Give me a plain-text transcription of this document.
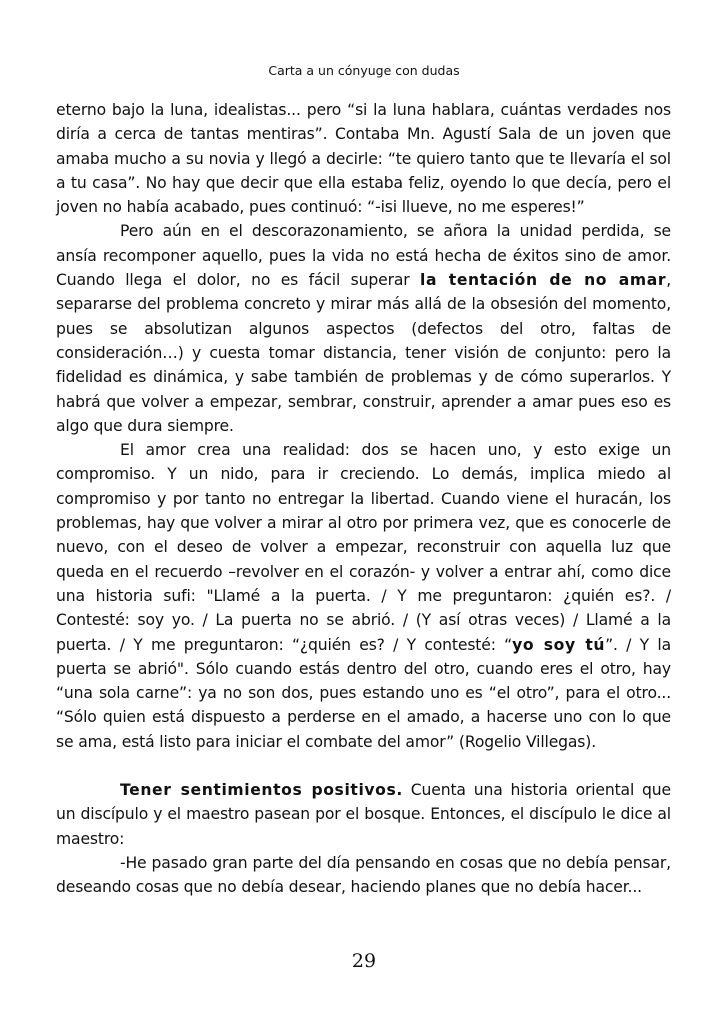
Carta a un cónyuge con dudas

eterno bajo la luna, idealistas... pero “si la luna hablara, cuántas verdades nos diría a cerca de tantas mentiras”. Contaba Mn. Agustí Sala de un joven que amaba mucho a su novia y llegó a decirle: “te quiero tanto que te llevaría el sol a tu casa”. No hay que decir que ella estaba feliz, oyendo lo que decía, pero el joven no había acabado, pues continuó: “-isi llueve, no me esperes!”

Pero aún en el descorazonamiento, se añora la unidad perdida, se ansía recomponer aquello, pues la vida no está hecha de éxitos sino de amor. Cuando llega el dolor, no es fácil superar la tentación de no amar, separarse del problema concreto y mirar más allá de la obsesión del momento, pues se absolutizan algunos aspectos (defectos del otro, faltas de consideración…) y cuesta tomar distancia, tener visión de conjunto: pero la fidelidad es dinámica, y sabe también de problemas y de cómo superarlos. Y habrá que volver a empezar, sembrar, construir, aprender a amar pues eso es algo que dura siempre.

El amor crea una realidad: dos se hacen uno, y esto exige un compromiso. Y un nido, para ir creciendo. Lo demás, implica miedo al compromiso y por tanto no entregar la libertad. Cuando viene el huracán, los problemas, hay que volver a mirar al otro por primera vez, que es conocerle de nuevo, con el deseo de volver a empezar, reconstruir con aquella luz que queda en el recuerdo –revolver en el corazón- y volver a entrar ahí, como dice una historia sufi: "Llamé a la puerta. / Y me preguntaron: ¿quién es?. / Contesté: soy yo. / La puerta no se abrió. / (Y así otras veces) / Llamé a la puerta. / Y me preguntaron: “¿quién es? / Y contesté: “yo soy tú”. / Y la puerta se abrió". Sólo cuando estás dentro del otro, cuando eres el otro, hay “una sola carne”: ya no son dos, pues estando uno es “el otro”, para el otro... “Sólo quien está dispuesto a perderse en el amado, a hacerse uno con lo que se ama, está listo para iniciar el combate del amor” (Rogelio Villegas).

Tener sentimientos positivos. Cuenta una historia oriental que un discípulo y el maestro pasean por el bosque. Entonces, el discípulo le dice al maestro:

-He pasado gran parte del día pensando en cosas que no debía pensar, deseando cosas que no debía desear, haciendo planes que no debía hacer...

29
